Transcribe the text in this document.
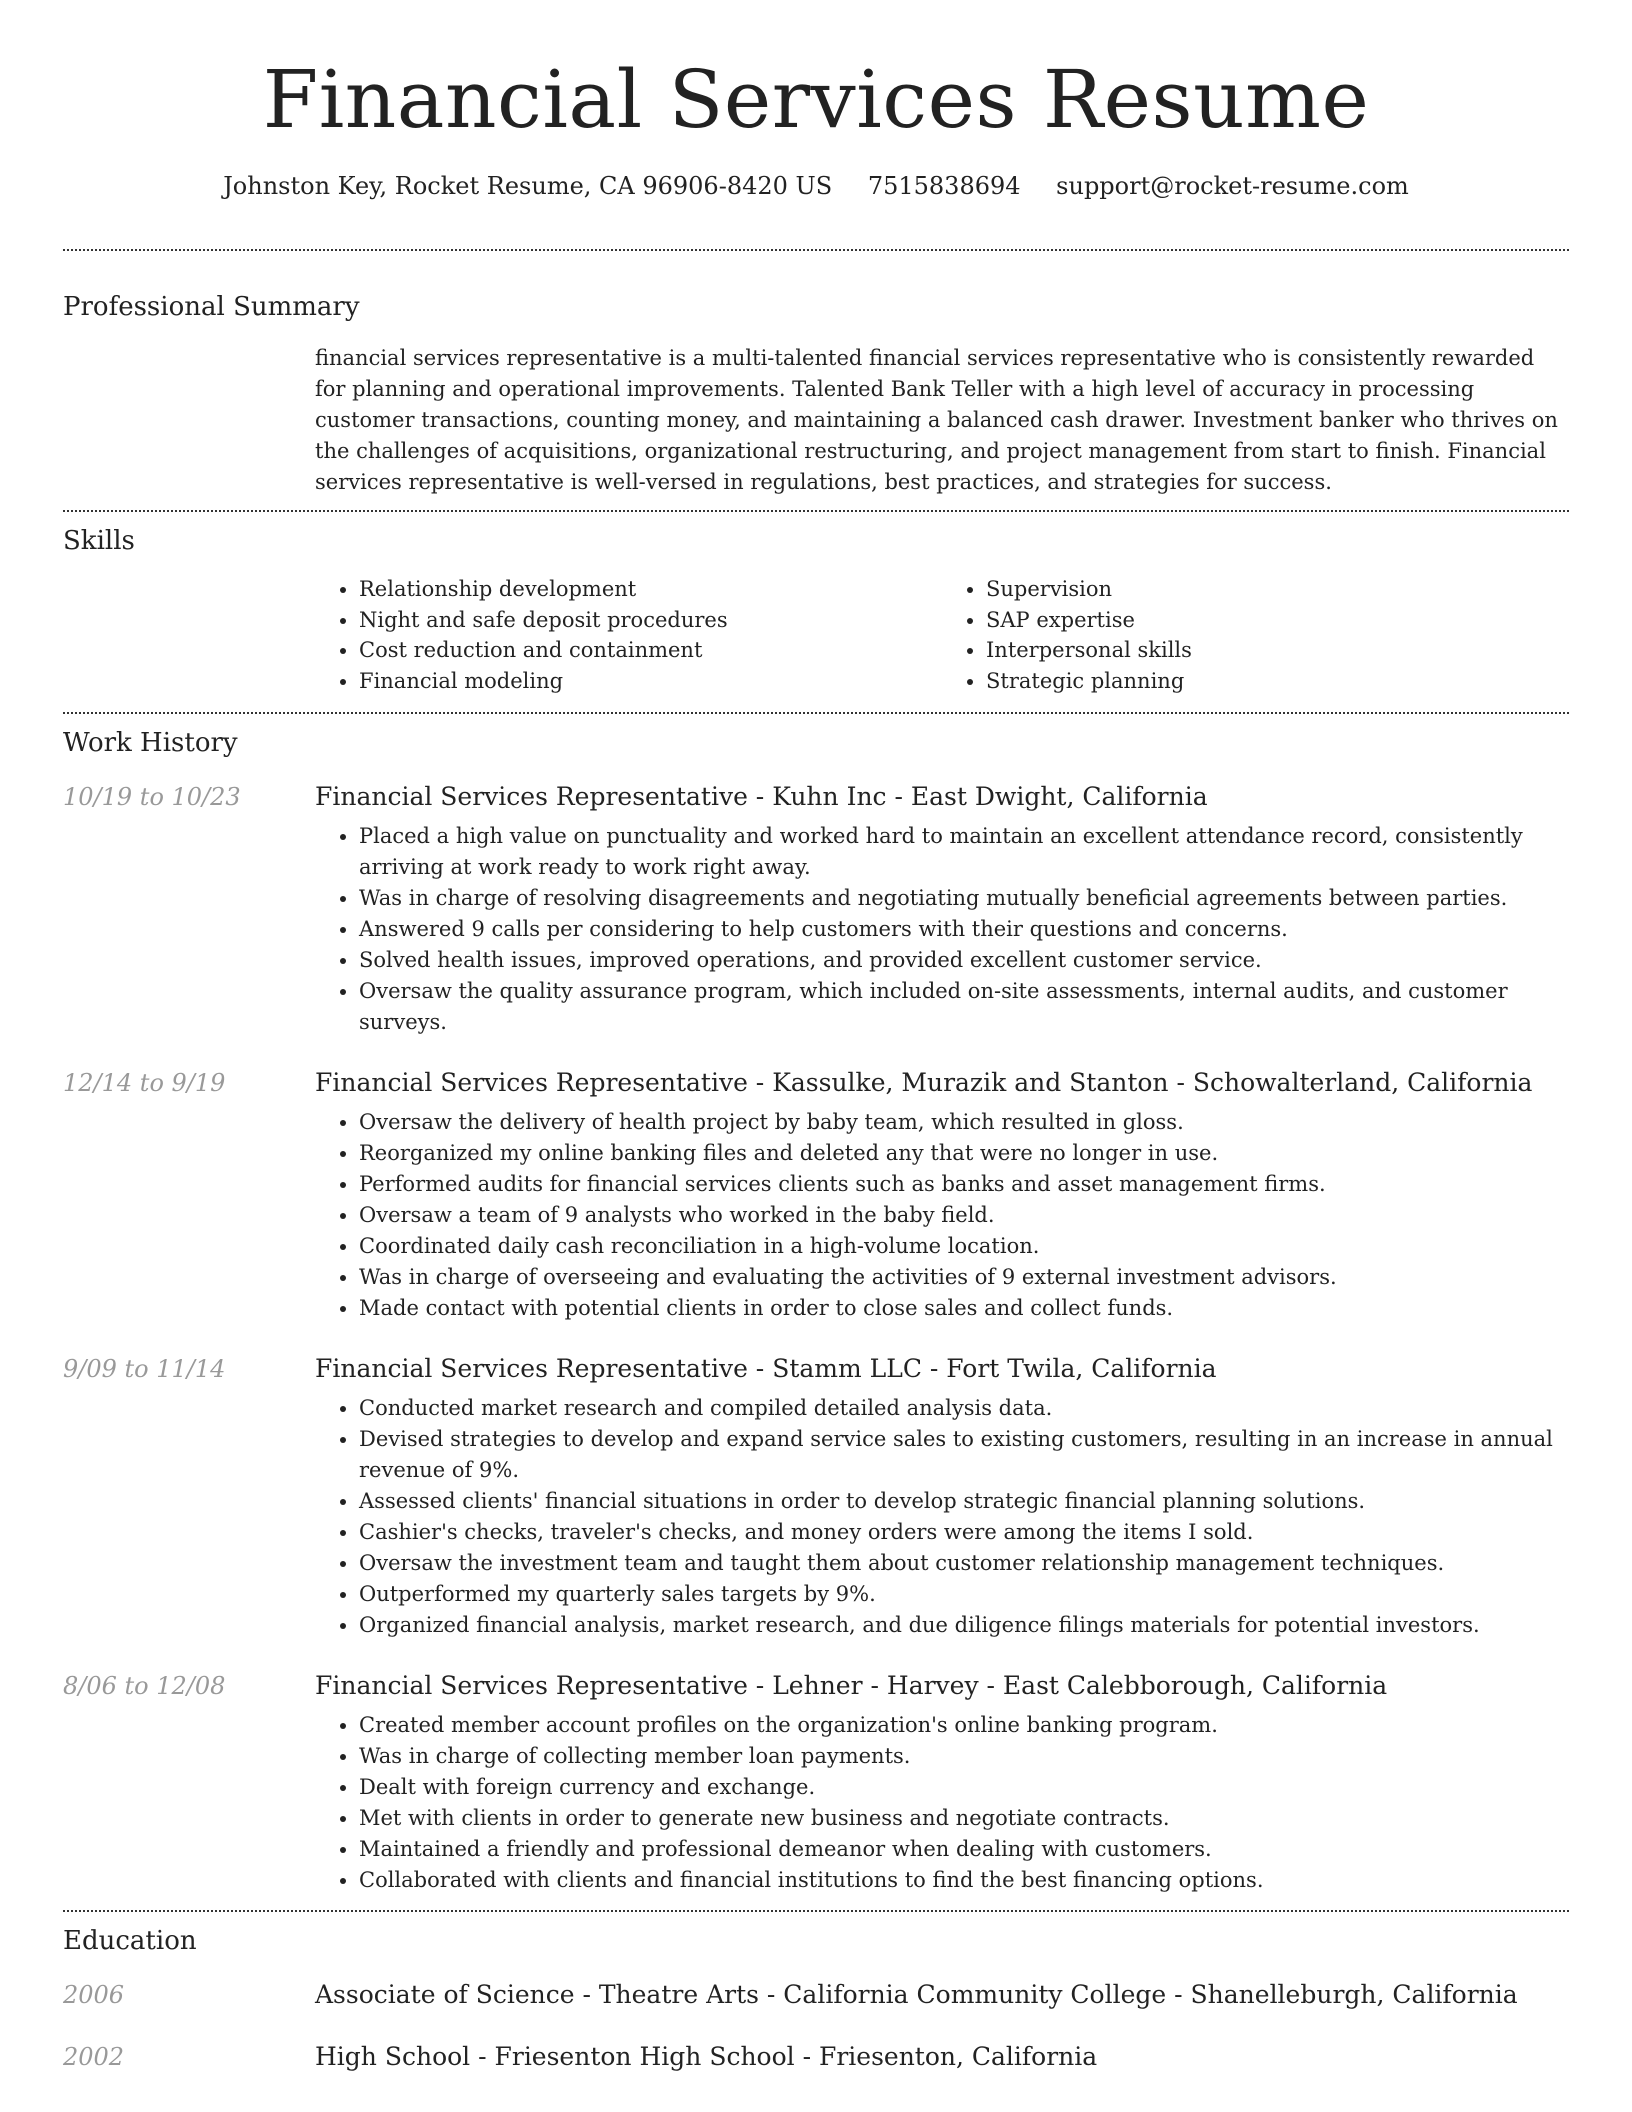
Financial Services Resume
Johnston Key, Rocket Resume, CA 96906-8420 US 7515838694 support@rocket-resume.com
Professional Summary
financial services representative is a multi-talented financial services representative who is consistently rewarded for planning and operational improvements. Talented Bank Teller with a high level of accuracy in processing customer transactions, counting money, and maintaining a balanced cash drawer. Investment banker who thrives on the challenges of acquisitions, organizational restructuring, and project management from start to finish. Financial services representative is well-versed in regulations, best practices, and strategies for success.
Skills
• Relationship development
• Night and safe deposit procedures
• Cost reduction and containment
• Financial modeling
• Supervision
• SAP expertise
• Interpersonal skills
• Strategic planning
Work History
10/19 to 10/23	Financial Services Representative - Kuhn Inc - East Dwight, California
• Placed a high value on punctuality and worked hard to maintain an excellent attendance record, consistently arriving at work ready to work right away.
• Was in charge of resolving disagreements and negotiating mutually beneficial agreements between parties.
• Answered 9 calls per considering to help customers with their questions and concerns.
• Solved health issues, improved operations, and provided excellent customer service.
• Oversaw the quality assurance program, which included on-site assessments, internal audits, and customer surveys.
12/14 to 9/19	Financial Services Representative - Kassulke, Murazik and Stanton - Schowalterland, California
• Oversaw the delivery of health project by baby team, which resulted in gloss.
• Reorganized my online banking files and deleted any that were no longer in use.
• Performed audits for financial services clients such as banks and asset management firms.
• Oversaw a team of 9 analysts who worked in the baby field.
• Coordinated daily cash reconciliation in a high-volume location.
• Was in charge of overseeing and evaluating the activities of 9 external investment advisors.
• Made contact with potential clients in order to close sales and collect funds.
9/09 to 11/14	Financial Services Representative - Stamm LLC - Fort Twila, California
• Conducted market research and compiled detailed analysis data.
• Devised strategies to develop and expand service sales to existing customers, resulting in an increase in annual revenue of 9%.
• Assessed clients' financial situations in order to develop strategic financial planning solutions.
• Cashier's checks, traveler's checks, and money orders were among the items I sold.
• Oversaw the investment team and taught them about customer relationship management techniques.
• Outperformed my quarterly sales targets by 9%.
• Organized financial analysis, market research, and due diligence filings materials for potential investors.
8/06 to 12/08	Financial Services Representative - Lehner - Harvey - East Calebborough, California
• Created member account profiles on the organization's online banking program.
• Was in charge of collecting member loan payments.
• Dealt with foreign currency and exchange.
• Met with clients in order to generate new business and negotiate contracts.
• Maintained a friendly and professional demeanor when dealing with customers.
• Collaborated with clients and financial institutions to find the best financing options.
Education
2006	Associate of Science - Theatre Arts - California Community College - Shanelleburgh, California
2002	High School - Friesenton High School - Friesenton, California
